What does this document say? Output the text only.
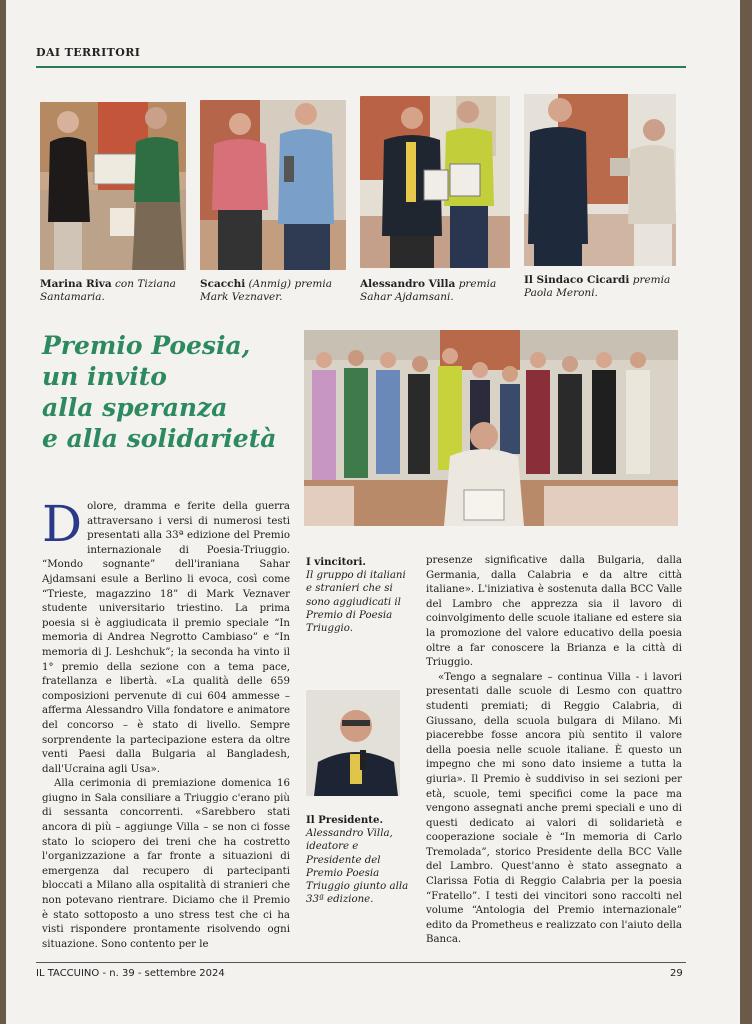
DAI TERRITORI
Marina Riva con Tiziana Santamaria.
Scacchi (Anmig) premia Mark Veznaver.
Alessandro Villa premia Sahar Ajdamsani.
Il Sindaco Cicardi premia Paola Meroni.
Premio Poesia,
un invito
alla speranza
e alla solidarietà

Dolore, dramma e ferite della guerra attraversano i versi di numerosi testi presentati alla 33ª edizione del Premio internazionale di Poesia-Triuggio. “Mondo sognante” dell'iraniana Sahar Ajdamsani esule a Berlino li evoca, così come “Trieste, magazzino 18” di Mark Veznaver studente universitario triestino. La prima poesia si è aggiudicata il premio speciale “In memoria di Andrea Negrotto Cambiaso” e “In memoria di J. Leshchuk”; la seconda ha vinto il 1° premio della sezione con a tema pace, fratellanza e libertà. «La qualità delle 659 composizioni pervenute di cui 604 ammesse – afferma Alessandro Villa fondatore e animatore del concorso – è stato di livello. Sempre sorprendente la partecipazione estera da oltre venti Paesi dalla Bulgaria al Bangladesh, dall'Ucraina agli Usa».

Alla cerimonia di premiazione domenica 16 giugno in Sala consiliare a Triuggio c'erano più di sessanta concorrenti. «Sarebbero stati ancora di più – aggiunge Villa – se non ci fosse stato lo sciopero dei treni che ha costretto l'organizzazione a far fronte a situazioni di emergenza dal recupero di partecipanti bloccati a Milano alla ospitalità di stranieri che non potevano rientrare. Diciamo che il Premio è stato sottoposto a uno stress test che ci ha visti rispondere prontamente risolvendo ogni situazione. Sono contento per le

I vincitori.
Il gruppo di italiani e stranieri che si sono aggiudicati il Premio di Poesia Triuggio.
Il Presidente.
Alessandro Villa, ideatore e Presidente del Premio Poesia Triuggio giunto alla 33ª edizione.

presenze significative dalla Bulgaria, dalla Germania, dalla Calabria e da altre città italiane». L'iniziativa è sostenuta dalla BCC Valle del Lambro che apprezza sia il lavoro di coinvolgimento delle scuole italiane ed estere sia la promozione del valore educativo della poesia oltre a far conoscere la Brianza e la città di Triuggio.

«Tengo a segnalare – continua Villa - i lavori presentati dalle scuole di Lesmo con quattro studenti premiati; di Reggio Calabria, di Giussano, della scuola bulgara di Milano. Mi piacerebbe fosse ancora più sentito il valore della poesia nelle scuole italiane. È questo un impegno che mi sono dato insieme a tutta la giuria». Il Premio è suddiviso in sei sezioni per età, scuole, temi specifici come la pace ma vengono assegnati anche premi speciali e uno di questi dedicato ai valori di solidarietà e cooperazione sociale è “In memoria di Carlo Tremolada”, storico Presidente della BCC Valle del Lambro. Quest'anno è stato assegnato a Clarissa Fotia di Reggio Calabria per la poesia “Fratello”. I testi dei vincitori sono raccolti nel volume “Antologia del Premio internazionale” edito da Prometheus e realizzato con l'aiuto della Banca.

IL TACCUINO - n. 39 - settembre 2024	29
